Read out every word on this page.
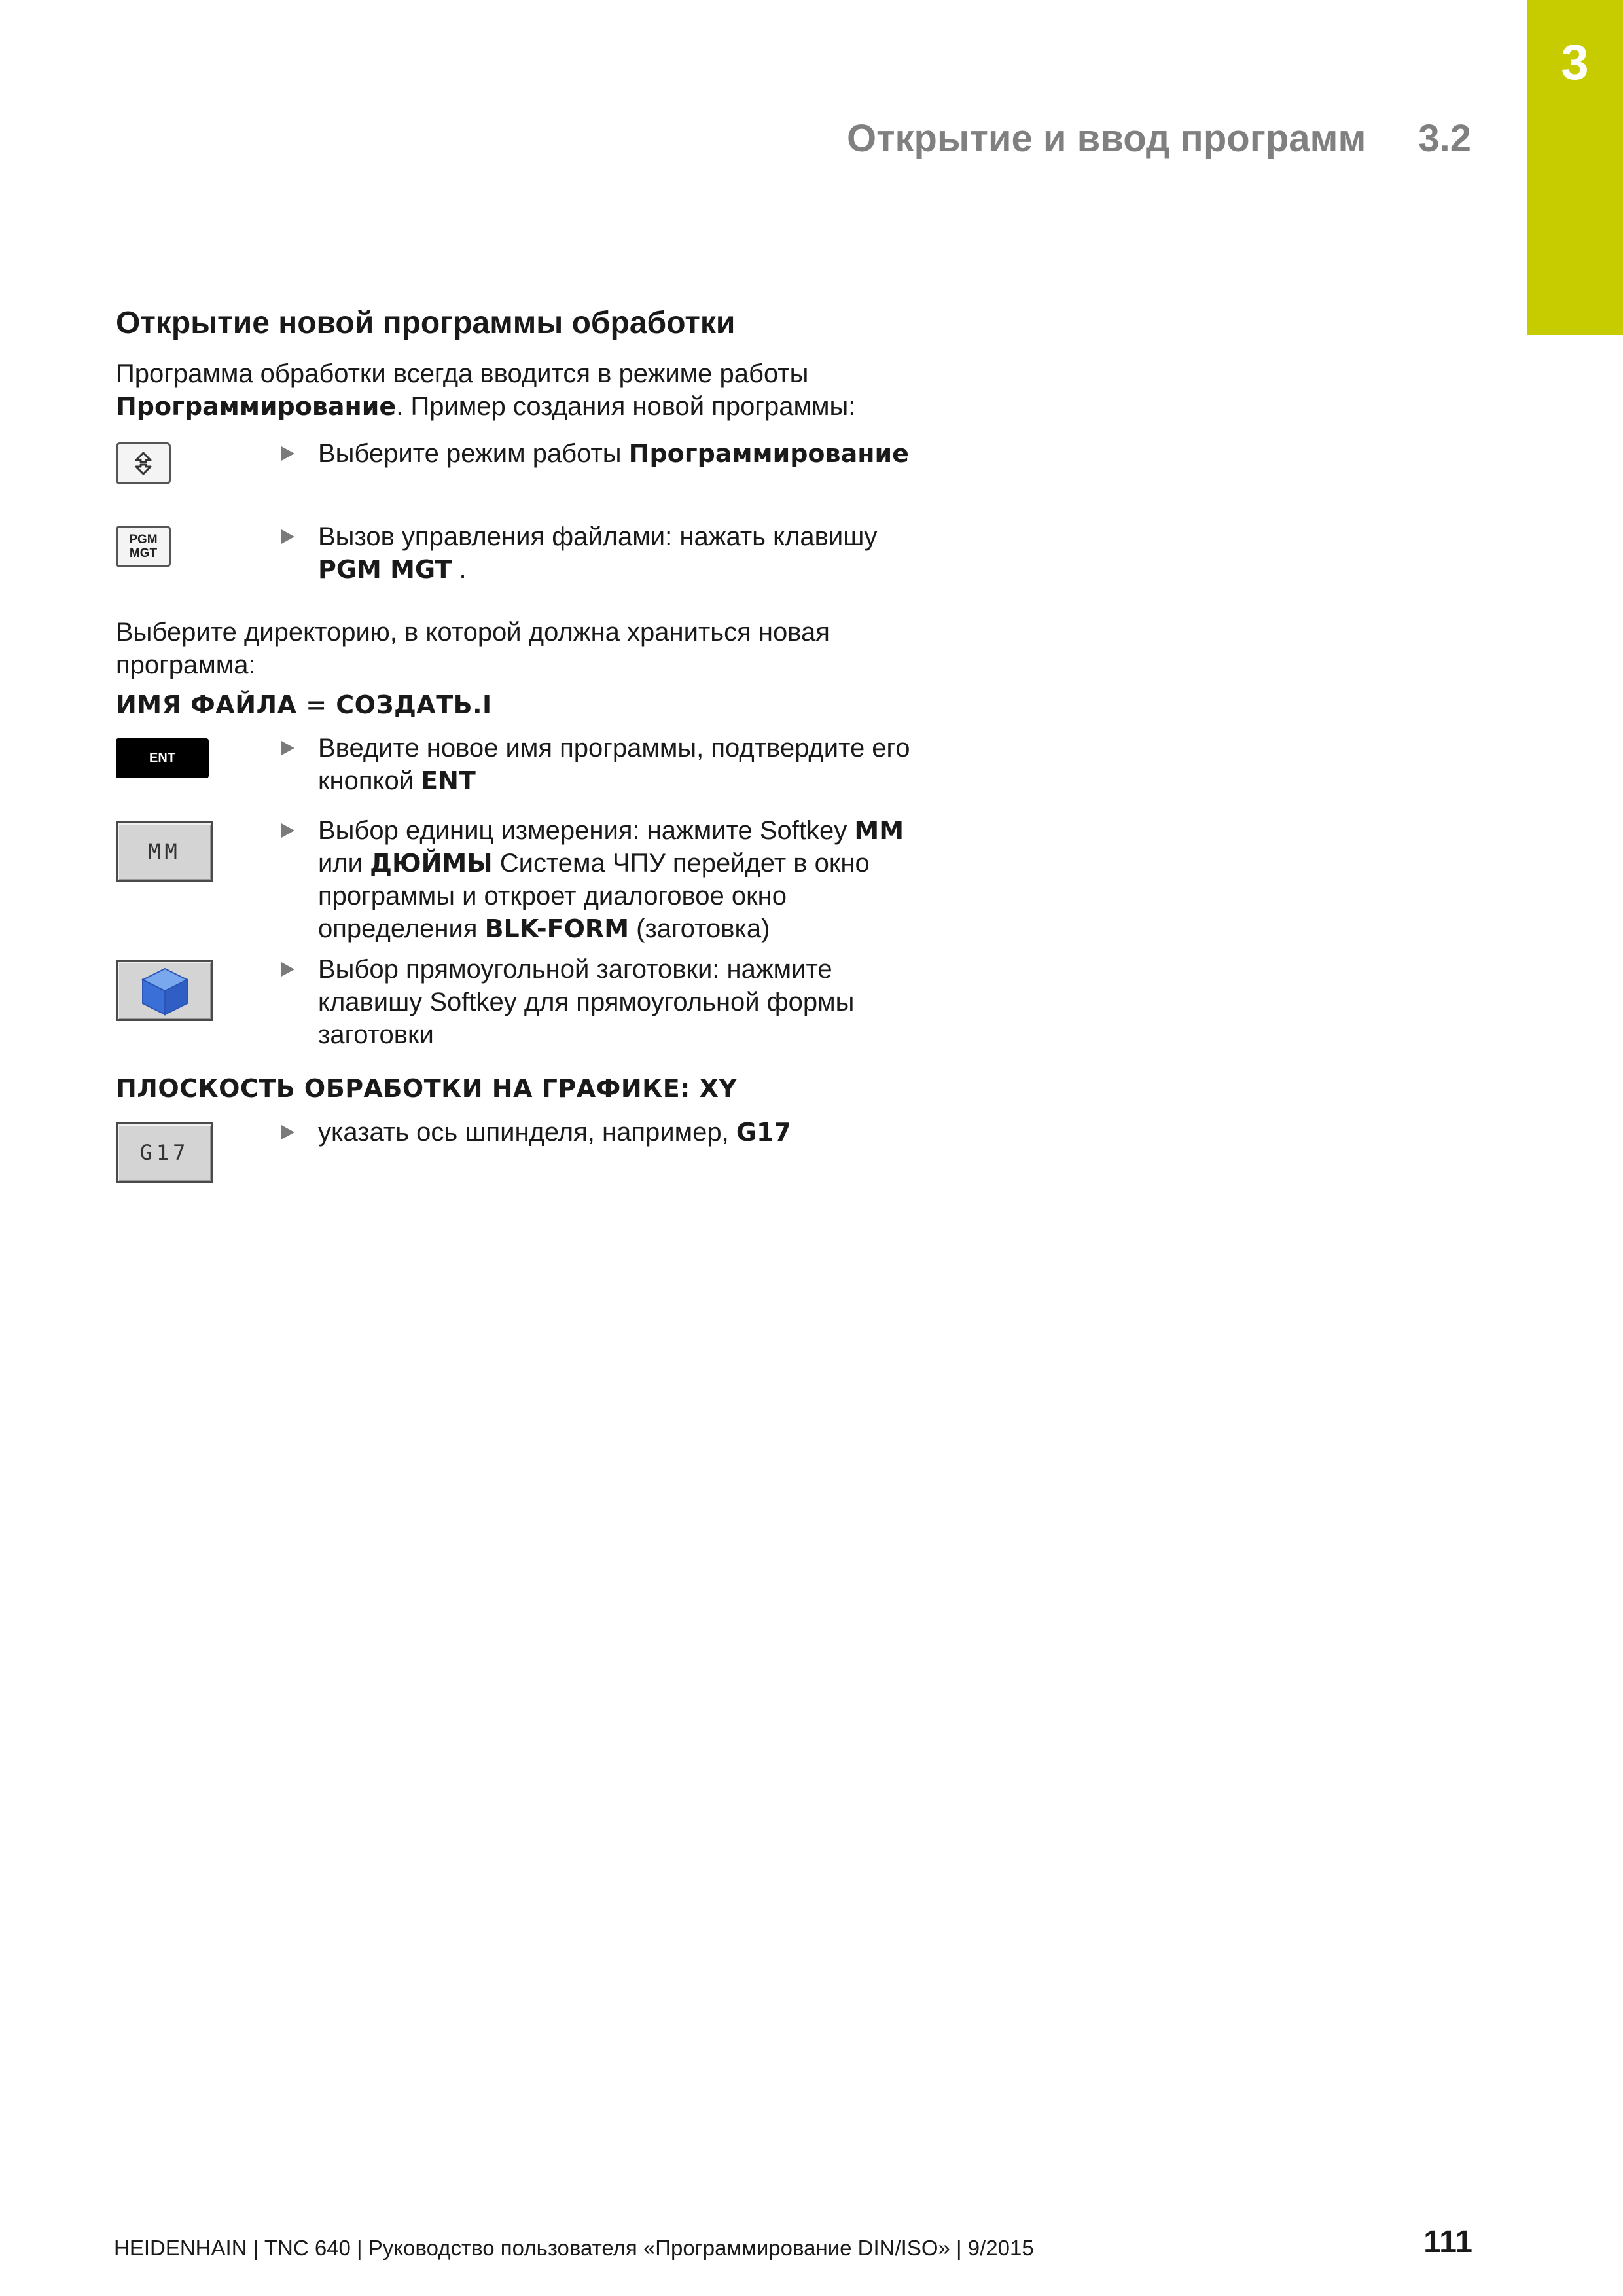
3
Открытие и ввод программ 3.2
Открытие новой программы обработки
Программа обработки всегда вводится в режиме работы
Программирование. Пример создания новой программы:
Выберите режим работы Программирование
PGM
MGT
Вызов управления файлами: нажать клавишу PGM MGT .
Выберите директорию, в которой должна храниться новая программа:
ИМЯ ФАЙЛА = СОЗДАТЬ.I
ENT	Введите новое имя программы, подтвердите его кнопкой ENT
MM
Выбор единиц измерения: нажмите Softkey MM или ДЮЙМЫ Система ЧПУ перейдет в окно программы и откроет диалоговое окно определения BLK-FORM (заготовка)
Выбор прямоугольной заготовки: нажмите клавишу Softkey для прямоугольной формы заготовки
ПЛОСКОСТЬ ОБРАБОТКИ НА ГРАФИКЕ: XY
G17
указать ось шпинделя, например, G17
HEIDENHAIN | TNC 640 | Руководство пользователя «Программирование DIN/ISO» | 9/2015	111
